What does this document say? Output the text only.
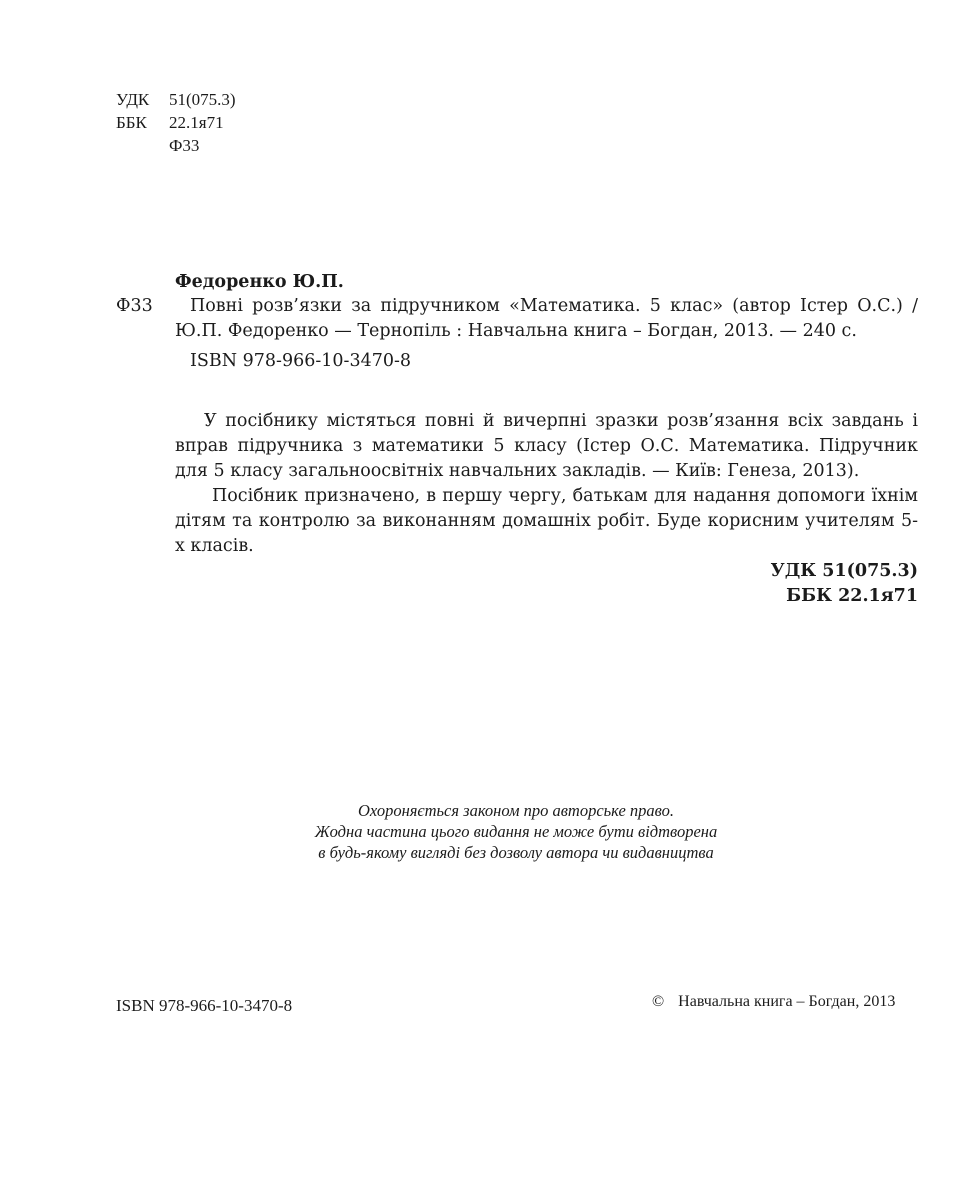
УДК 51(075.3)
ББК 22.1я71
Ф33
Федоренко Ю.П.
Ф33	Повні розв’язки за підручником «Математика. 5 клас» (автор Істер О.С.) /
Ю.П. Федоренко — Тернопіль : Навчальна книга – Богдан, 2013. — 240 с.
ISBN 978-966-10-3470-8

У посібнику містяться повні й вичерпні зразки розв’язання всіх завдань і вправ підручника з математики 5 класу (Істер О.С. Математика. Підручник для 5 класу загальноосвітніх навчальних закладів. — Київ: Генеза, 2013).

Посібник призначено, в першу чергу, батькам для надання допомоги їхнім дітям та контролю за виконанням домашніх робіт. Буде корисним учителям 5-х класів.

УДК 51(075.3)

ББК 22.1я71

Охороняється законом про авторське право.
Жодна частина цього видання не може бути відтворена
в будь-якому вигляді без дозволу автора чи видавництва
ISBN 978-966-10-3470-8	© Навчальна книга – Богдан, 2013
